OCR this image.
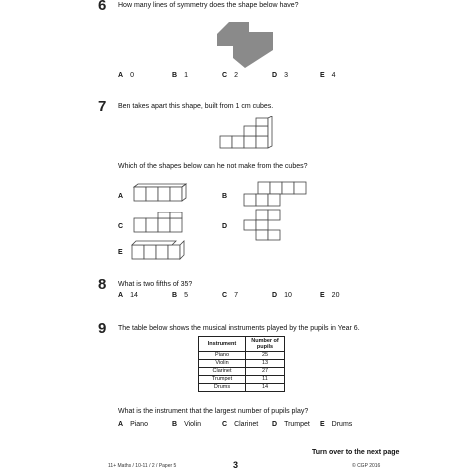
6 How many lines of symmetry does the shape below have?
A 0	B 1	C 2	D 3	E 4
7 Ben takes apart this shape, built from 1 cm cubes.
Which of the shapes below can he not make from the cubes?
A	B
C	D
E
8 What is two fifths of 35?
A 14	B 5	C 7	D 10	E 20
9 The table below shows the musical instruments played by the pupils in Year 6.
Instrument	Number of pupils
Piano	25
Violin	13
Clarinet	27
Trumpet	11
Drums	14
What is the instrument that the largest number of pupils play?
A Piano	B Violin	C Clarinet D Trumpet E Drums
Turn over to the next page
11+ Maths / 10-11 / 2 / Paper 5	3	© CGP 2016
